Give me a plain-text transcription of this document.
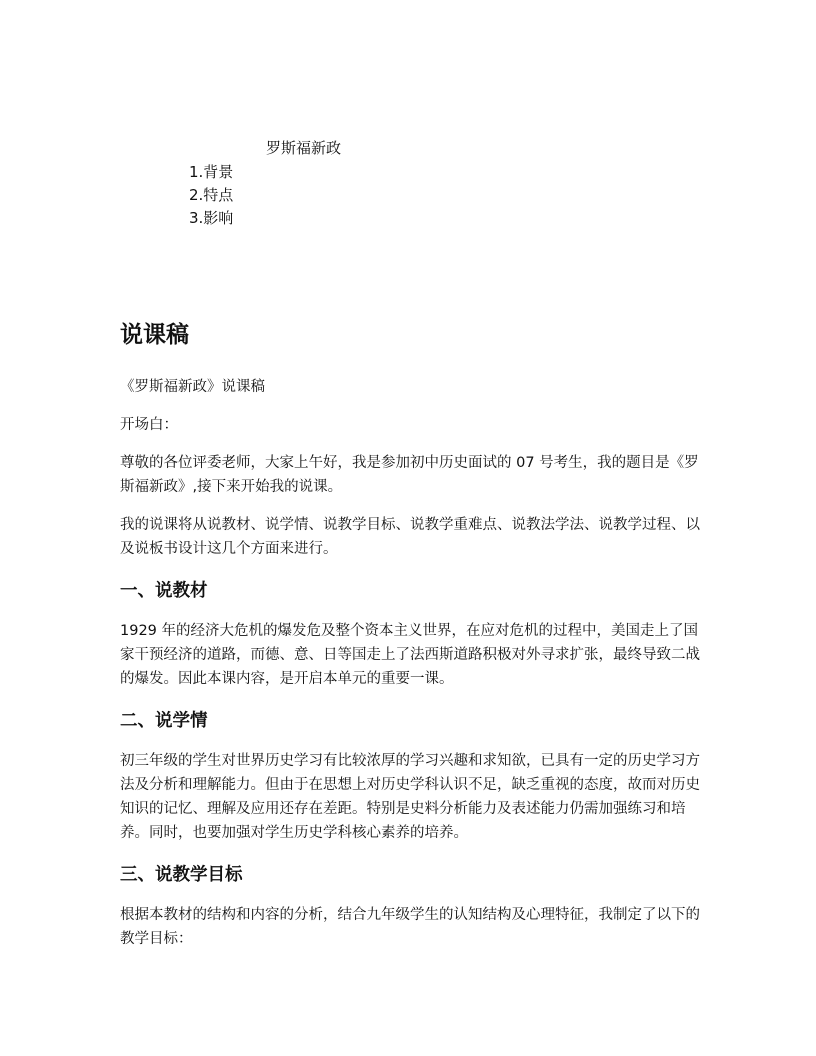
罗斯福新政
1.背景
2.特点
3.影响
说课稿

《罗斯福新政》说课稿

开场白：

尊敬的各位评委老师，大家上午好，我是参加初中历史面试的 07 号考生，我的题目是《罗斯福新政》,接下来开始我的说课。

我的说课将从说教材、说学情、说教学目标、说教学重难点、说教法学法、说教学过程、以及说板书设计这几个方面来进行。

一、说教材

1929 年的经济大危机的爆发危及整个资本主义世界，在应对危机的过程中，美国走上了国家干预经济的道路，而德、意、日等国走上了法西斯道路积极对外寻求扩张，最终导致二战的爆发。因此本课内容，是开启本单元的重要一课。

二、说学情

初三年级的学生对世界历史学习有比较浓厚的学习兴趣和求知欲，已具有一定的历史学习方法及分析和理解能力。但由于在思想上对历史学科认识不足，缺乏重视的态度，故而对历史知识的记忆、理解及应用还存在差距。特别是史料分析能力及表述能力仍需加强练习和培养。同时，也要加强对学生历史学科核心素养的培养。

三、说教学目标

根据本教材的结构和内容的分析，结合九年级学生的认知结构及心理特征，我制定了以下的教学目标：
